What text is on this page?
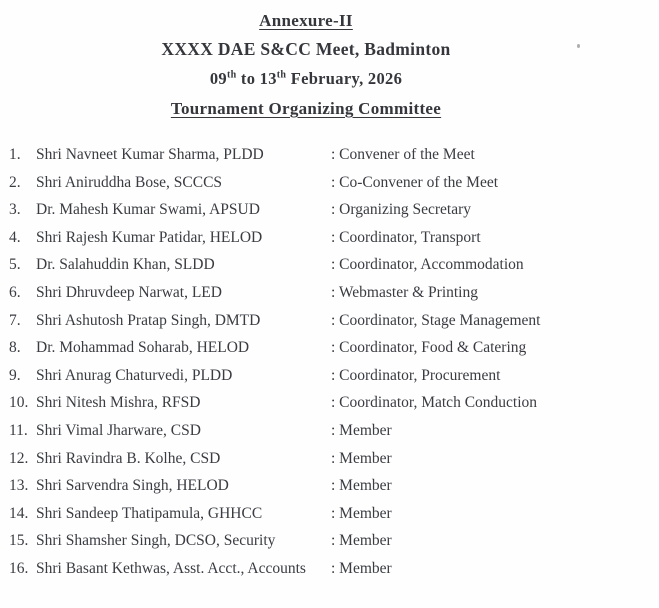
Annexure-II
XXXX DAE S&CC Meet, Badminton
09th to 13th February, 2026
Tournament Organizing Committee
1. Shri Navneet Kumar Sharma, PLDD	: Convener of the Meet
2. Shri Aniruddha Bose, SCCCS	: Co-Convener of the Meet
3. Dr. Mahesh Kumar Swami, APSUD	: Organizing Secretary
4. Shri Rajesh Kumar Patidar, HELOD	: Coordinator, Transport
5. Dr. Salahuddin Khan, SLDD	: Coordinator, Accommodation
6. Shri Dhruvdeep Narwat, LED	: Webmaster & Printing
7. Shri Ashutosh Pratap Singh, DMTD	: Coordinator, Stage Management
8. Dr. Mohammad Soharab, HELOD	: Coordinator, Food & Catering
9. Shri Anurag Chaturvedi, PLDD	: Coordinator, Procurement
10. Shri Nitesh Mishra, RFSD	: Coordinator, Match Conduction
11. Shri Vimal Jharware, CSD	: Member
12. Shri Ravindra B. Kolhe, CSD	: Member
13. Shri Sarvendra Singh, HELOD	: Member
14. Shri Sandeep Thatipamula, GHHCC	: Member
15. Shri Shamsher Singh, DCSO, Security	: Member
16. Shri Basant Kethwas, Asst. Acct., Accounts	: Member
